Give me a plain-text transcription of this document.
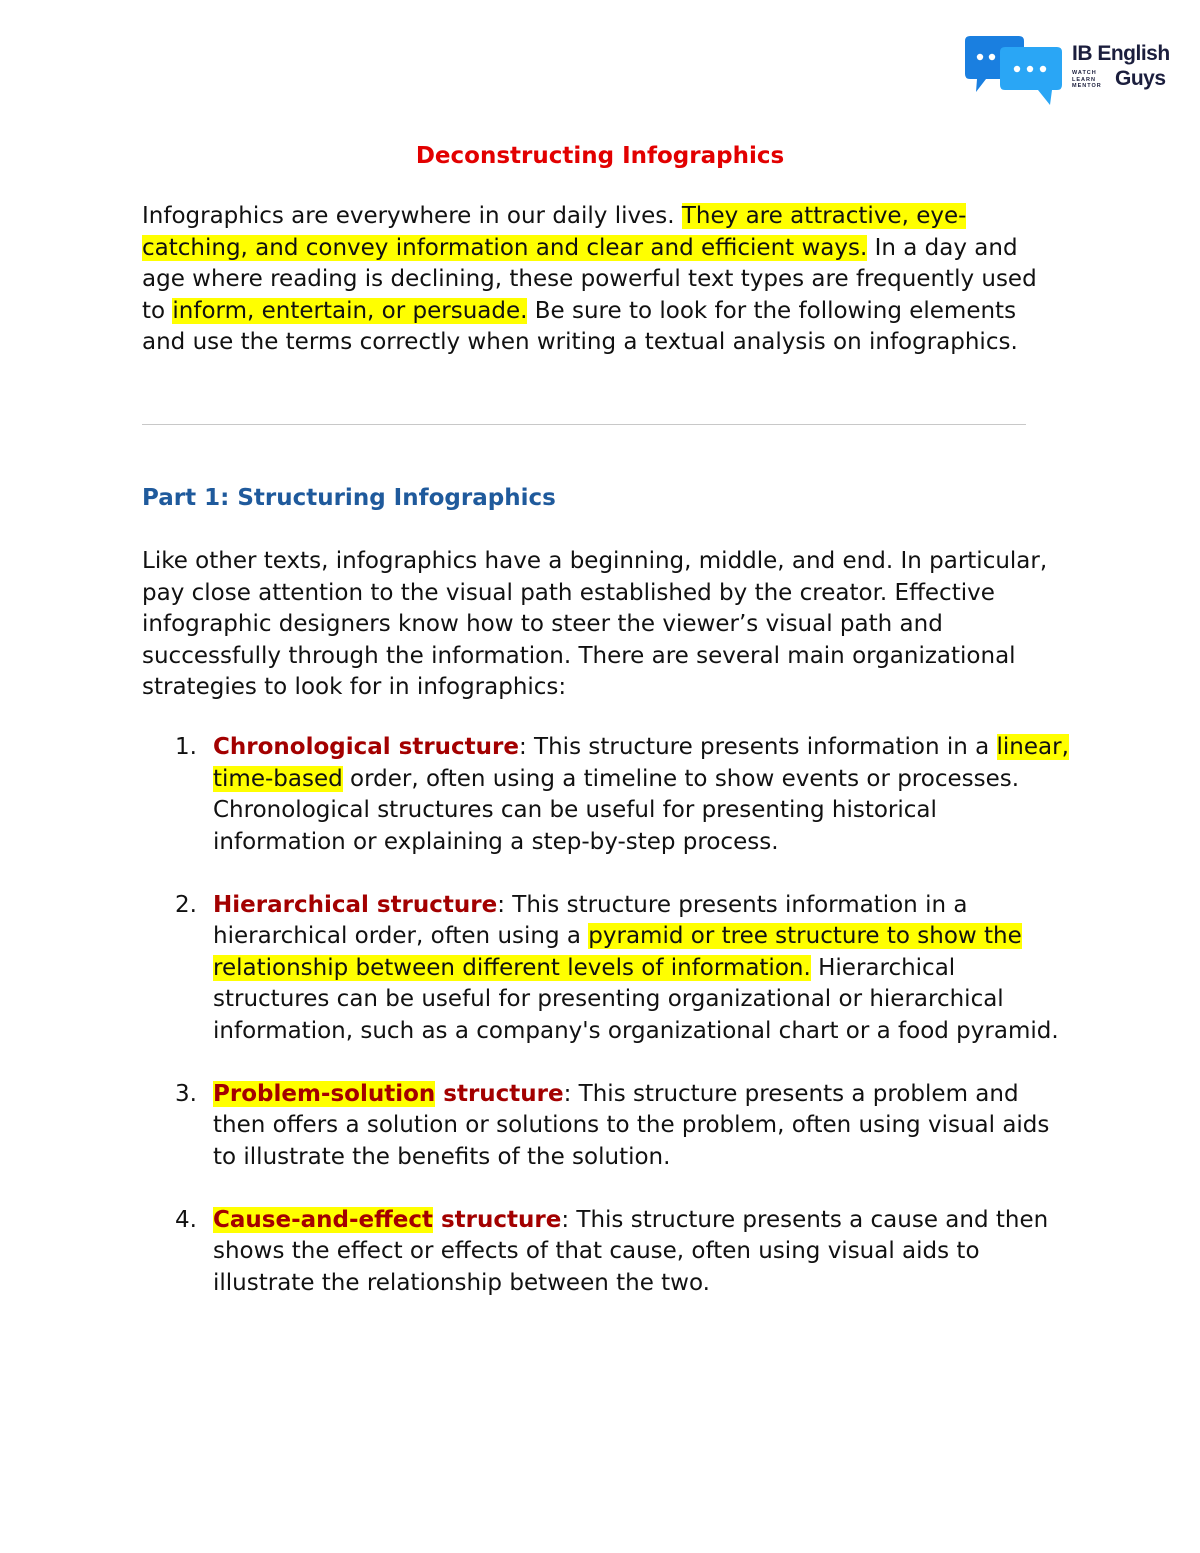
IB English
WATCH
LEARN
MENTOR Guys
Deconstructing Infographics

Infographics are everywhere in our daily lives. They are attractive, eye-catching, and convey information and clear and efficient ways. In a day and age where reading is declining, these powerful text types are frequently used to inform, entertain, or persuade. Be sure to look for the following elements and use the terms correctly when writing a textual analysis on infographics.

Part 1: Structuring Infographics

Like other texts, infographics have a beginning, middle, and end. In particular, pay close attention to the visual path established by the creator. Effective infographic designers know how to steer the viewer’s visual path and successfully through the information. There are several main organizational strategies to look for in infographics:

1. Chronological structure: This structure presents information in a linear, time-based order, often using a timeline to show events or processes. Chronological structures can be useful for presenting historical information or explaining a step-by-step process.
2. Hierarchical structure: This structure presents information in a hierarchical order, often using a pyramid or tree structure to show the relationship between different levels of information. Hierarchical structures can be useful for presenting organizational or hierarchical information, such as a company's organizational chart or a food pyramid.
3. Problem-solution structure: This structure presents a problem and then offers a solution or solutions to the problem, often using visual aids to illustrate the benefits of the solution.
4. Cause-and-effect structure: This structure presents a cause and then shows the effect or effects of that cause, often using visual aids to illustrate the relationship between the two.
